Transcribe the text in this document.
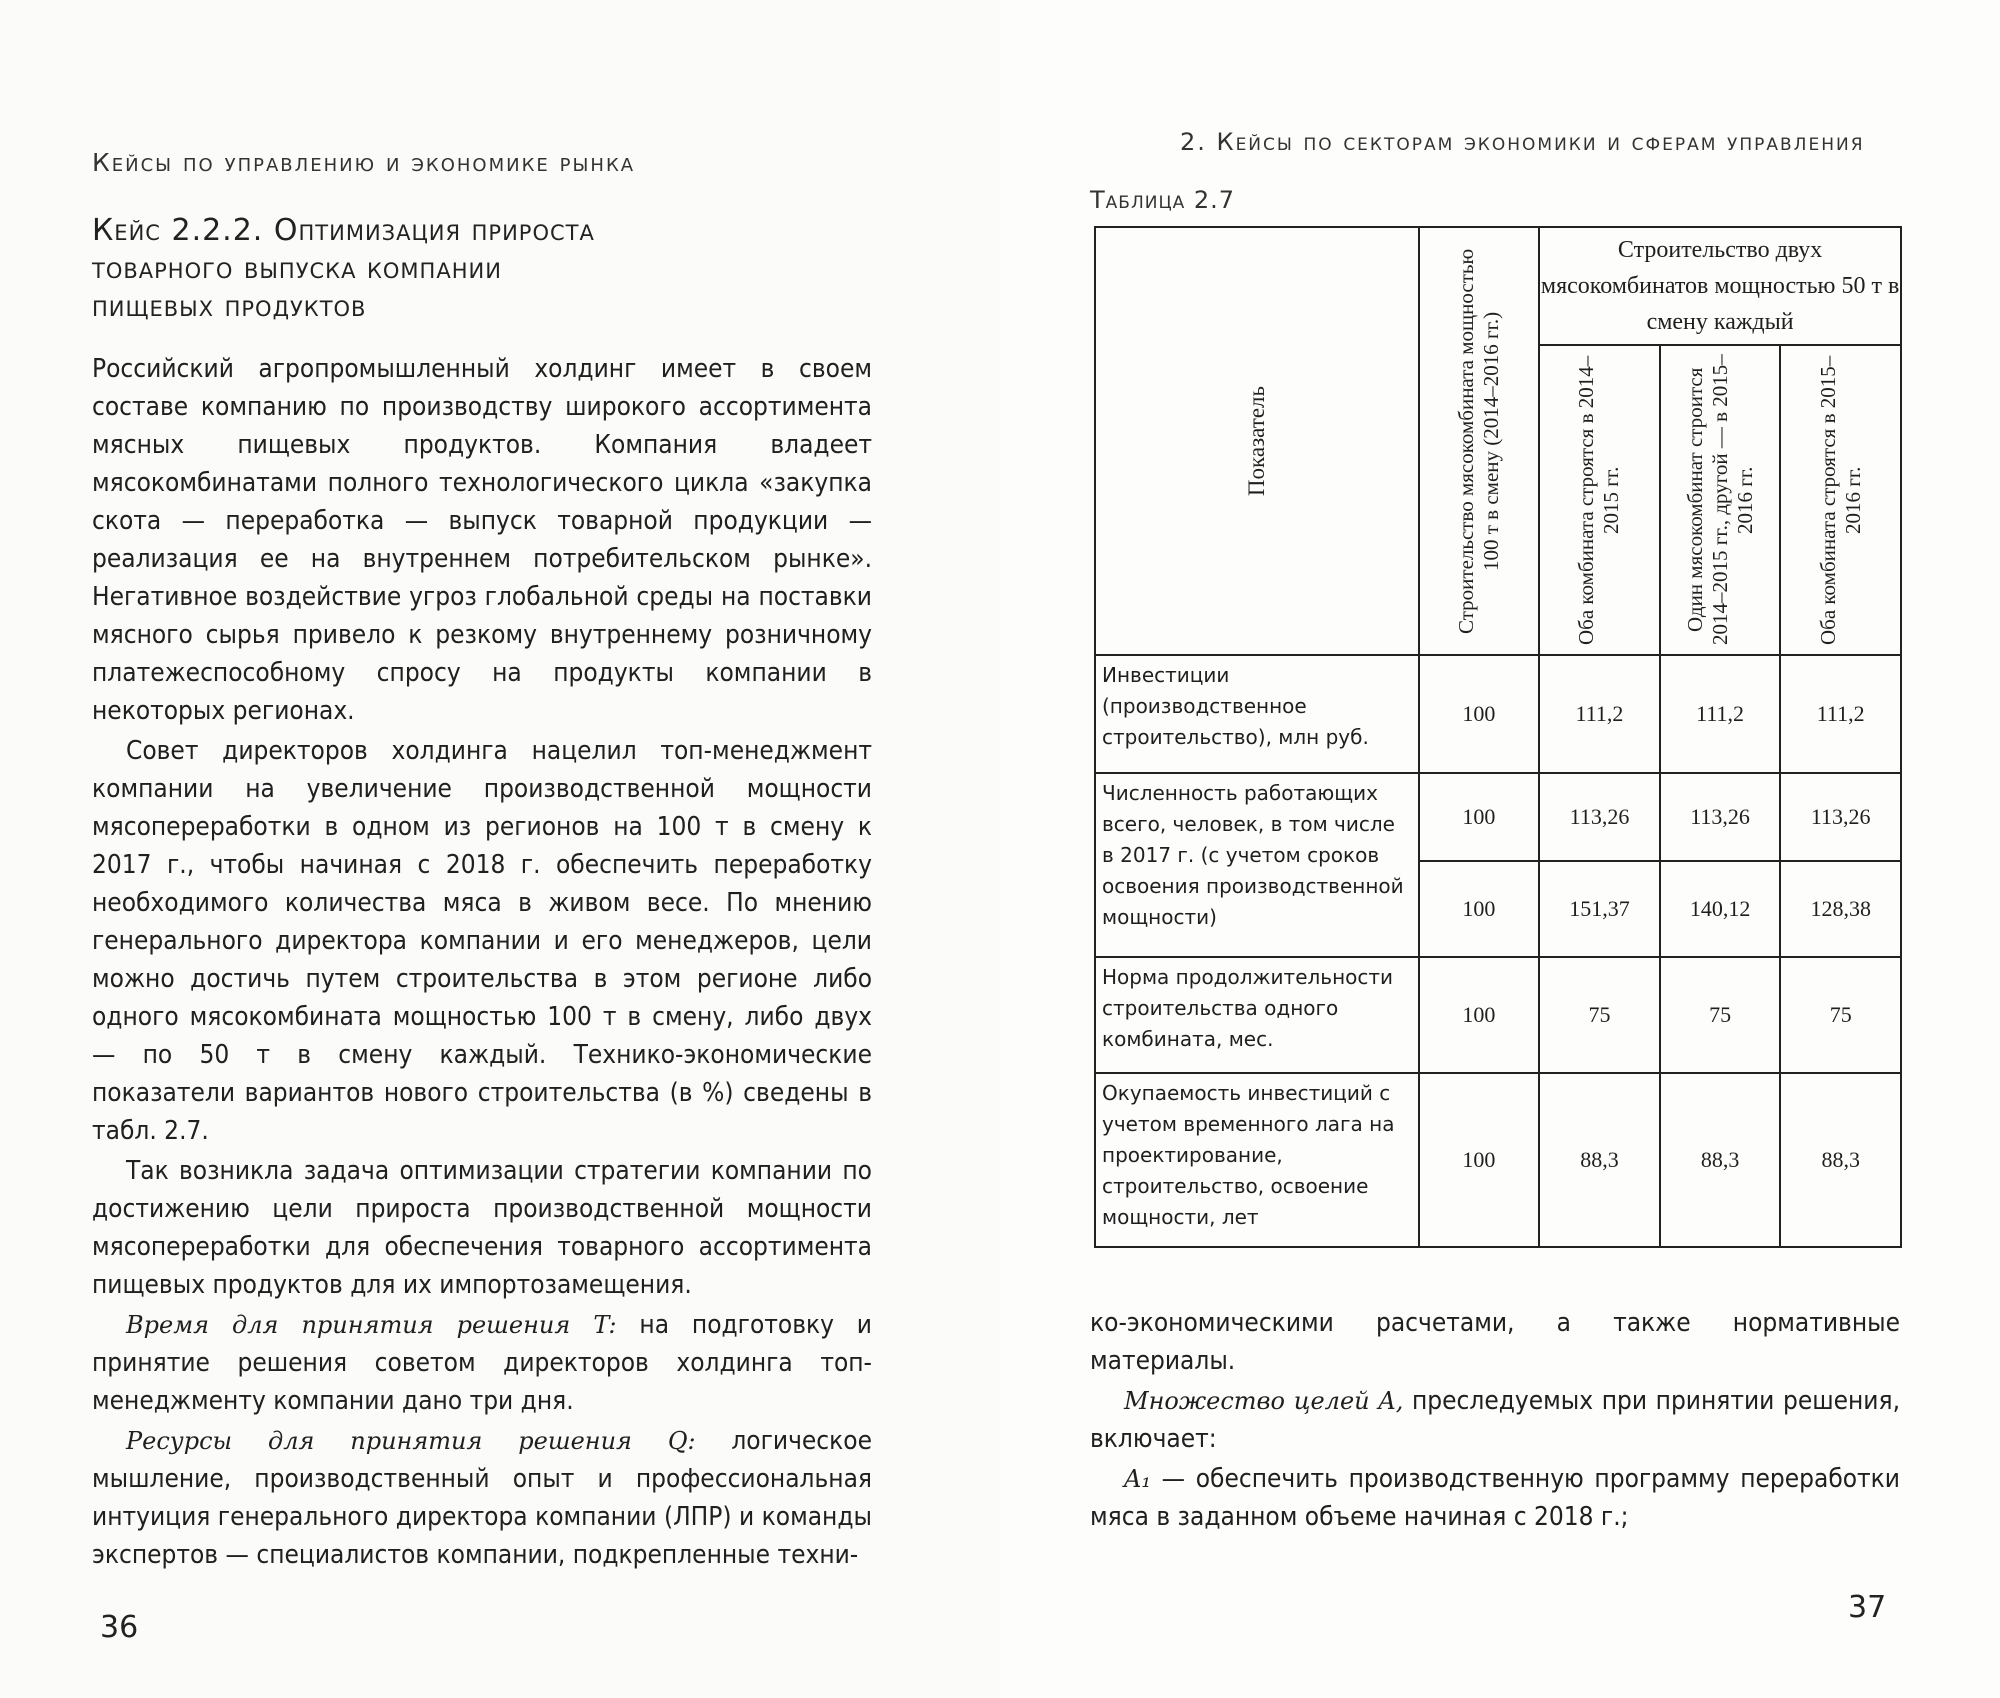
Кейсы по управлению и экономике рынка
Кейс 2.2.2. Оптимизация прироста
товарного выпуска компании
пищевых продуктов

Российский агропромышленный холдинг имеет в своем составе компанию по производству широкого ассортимента мясных пищевых продуктов. Компания владеет мясокомбинатами полного технологического цикла «закупка скота — переработка — выпуск товарной продукции — реализация ее на внутреннем потребительском рынке». Негативное воздействие угроз глобальной среды на поставки мясного сырья привело к резкому внутреннему розничному платежеспособному спросу на продукты компании в некоторых регионах.

Совет директоров холдинга нацелил топ-менеджмент компании на увеличение производственной мощности мясопереработки в одном из регионов на 100 т в смену к 2017 г., чтобы начиная с 2018 г. обеспечить переработку необходимого количества мяса в живом весе. По мнению генерального директора компании и его менеджеров, цели можно достичь путем строительства в этом регионе либо одного мясокомбината мощностью 100 т в смену, либо двух — по 50 т в смену каждый. Технико-экономические показатели вариантов нового строительства (в %) сведены в табл. 2.7.

Так возникла задача оптимизации стратегии компании по достижению цели прироста производственной мощности мясопереработки для обеспечения товарного ассортимента пищевых продуктов для их импортозамещения.

Время для принятия решения T: на подготовку и принятие решения советом директоров холдинга топ-менеджменту компании дано три дня.

Ресурсы для принятия решения Q: логическое мышление, производственный опыт и профессиональная интуиция генерального директора компании (ЛПР) и команды экспертов — специалистов компании, подкрепленные техни-

36
2. Кейсы по секторам экономики и сферам управления
Таблица 2.7
Показатель	Строительство мясокомбината мощностью 100 т в смену (2014–2016 гг.)	Строительство двух мясокомбинатов мощностью 50 т в смену каждый		

		Оба комбината строятся в 2014–2015 гг.	Один мясокомбинат строится 2014–2015 гг., другой — в 2015–2016 гг.	Оба комбината строятся в 2015–2016 гг.

Инвестиции (производственное строительство), млн руб.	100	111,2	111,2	111,2
Численность работающих всего, человек, в том числе в 2017 г. (с учетом сроков освоения производственной мощности)	100	113,26	113,26	113,26
	100	151,37	140,12	128,38
Норма продолжительности строительства одного комбината, мес.	100	75	75	75
Окупаемость инвестиций с учетом временного лага на проектирование, строительство, освоение мощности, лет	100	88,3	88,3	88,3

ко-экономическими расчетами, а также нормативные материалы.

Множество целей A, преследуемых при принятии решения, включает:

A₁ — обеспечить производственную программу переработки мяса в заданном объеме начиная с 2018 г.;

37
